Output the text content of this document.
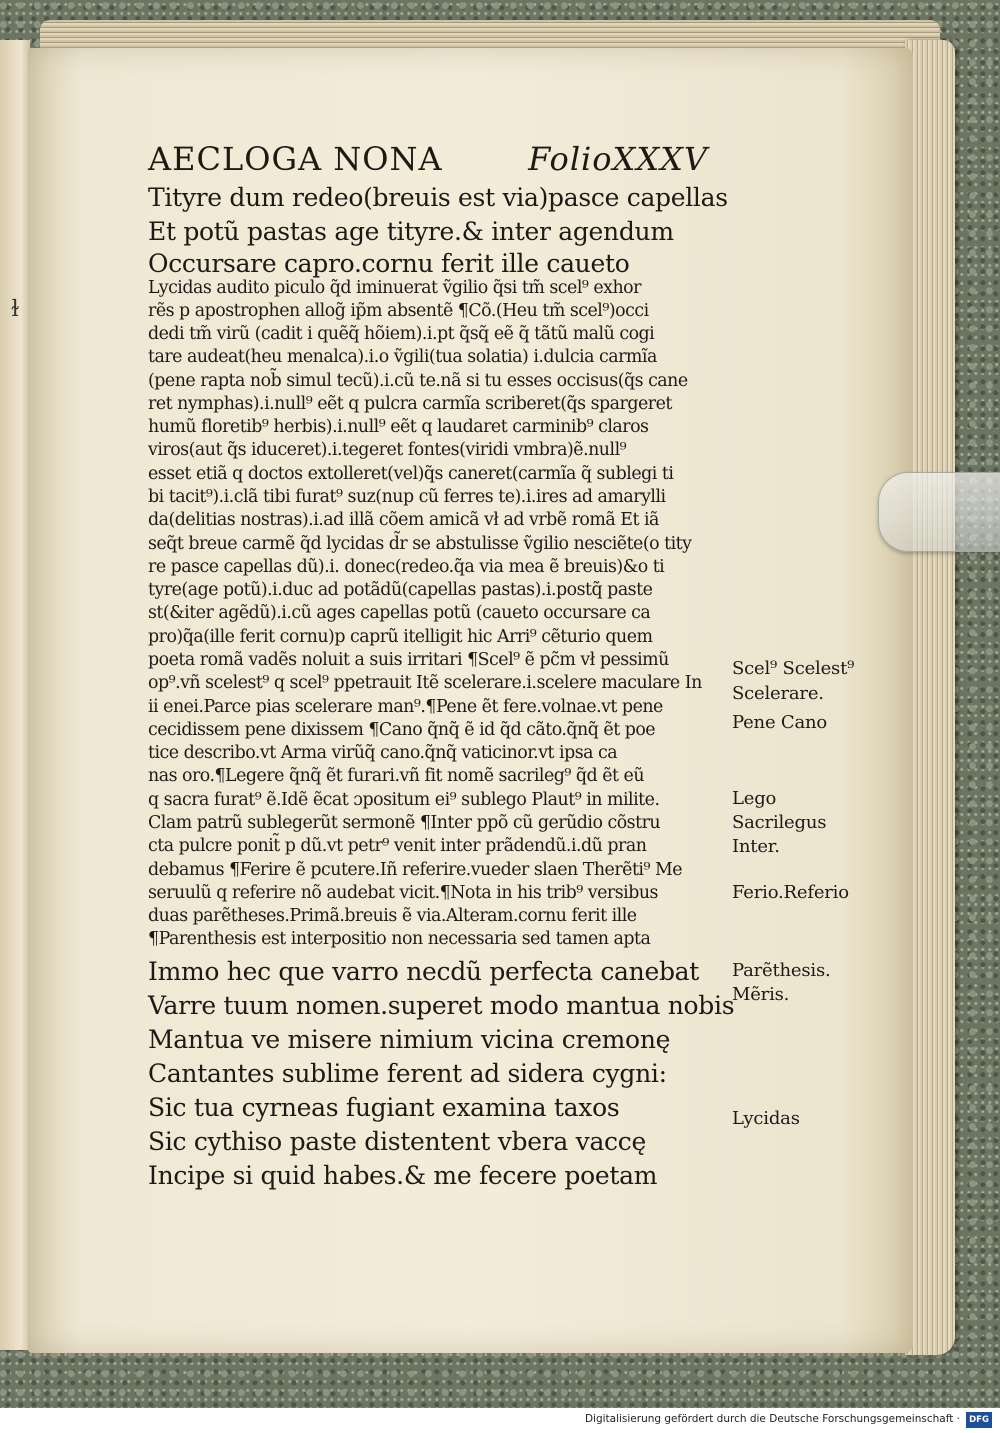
ɫ
AECLOGA NONA	FolioXXXV
Tityre dum redeo(breuis est via)pasce capellas
Et potũ pastas age tityre.& inter agendum
Occursare capro.cornu ferit ille caueto
Lycidas audito piculo q̃d iminuerat ṽgilio q̃si tm̃ scel⁹ exhor
rẽs p apostrophen allog̃ ip̃m absentẽ ¶Cõ.(Heu tm̃ scel⁹)occi
dedi tm̃ virũ (cadit i quẽq̃ hõiem).i.pt q̃sq̃ eẽ q̃ tãtũ malũ cogi
tare audeat(heu menalca).i.o ṽgili(tua solatia) i.dulcia carmĩa
(pene rapta nob̃ simul tecũ).i.cũ te.nã si tu esses occisus(q̃s cane
ret nymphas).i.null⁹ eẽt q pulcra carmĩa scriberet(q̃s spargeret
humũ floretib⁹ herbis).i.null⁹ eẽt q laudaret carminib⁹ claros
viros(aut q̃s iduceret).i.tegeret fontes(viridi vmbra)ẽ.null⁹
esset etiã q doctos extolleret(vel)q̃s caneret(carmĩa q̃ sublegi ti
bi tacit⁹).i.clã tibi furat⁹ suz(nup cũ ferres te).i.ires ad amarylli
da(delitias nostras).i.ad illã cõem amicã vł ad vrbẽ romã Et iã
seq̃t breue carmẽ q̃d lycidas d̃r se abstulisse ṽgilio nesciẽte(o tity
re pasce capellas dũ).i. donec(redeo.q̃a via mea ẽ breuis)&o ti
tyre(age potũ).i.duc ad potãdũ(capellas pastas).i.postq̃ paste
st(&iter agẽdũ).i.cũ ages capellas potũ (caueto occursare ca
pro)q̃a(ille ferit cornu)p caprũ itelligit hic Arri⁹ cẽturio quem
poeta romã vadẽs noluit a suis irritari ¶Scel⁹ ẽ pc̃m vł pessimũ
op⁹.vñ scelest⁹ q scel⁹ ppetrauit Itẽ scelerare.i.scelere maculare In
ii̇ enei.Parce pias scelerare man⁹.¶Pene ẽt fere.volnae.vt pene
cecidissem pene dixissem ¶Cano q̃nq̃ ẽ id q̃d cãto.q̃nq̃ ẽt poe
tice describo.vt Arma virũq̃ cano.q̃nq̃ vaticinor.vt ipsa ca
nas oro.¶Legere q̃nq̃ ẽt furari.vñ fit nomẽ sacrileg⁹ q̃d ẽt eũ
q sacra furat⁹ ẽ.Idẽ ẽcat ɔpositum ei⁹ sublego Plaut⁹ in milite.
Clam patrũ sublegerũt sermonẽ ¶Inter ppõ cũ gerũdio cõstru
cta pulcre ponit̃ p dũ.vt petr⁹ venit inter prãdendũ.i.dũ pran
debamus ¶Ferire ẽ pcutere.Iñ referire.vueder slaen Therẽti⁹ Me
seruulũ q referire nõ audebat vicit.¶Nota in his trib⁹ versibus
duas parẽtheses.Primã.breuis ẽ via.Alteram.cornu ferit ille
¶Parenthesis est interpositio non necessaria sed tamen apta
Immo hec que varro necdũ perfecta canebat
Varre tuum nomen.superet modo mantua nobis
Mantua ve misere nimium vicina cremonę
Cantantes sublime ferent ad sidera cygni:
Sic tua cyrneas fugiant examina taxos
Sic cythiso paste distentent vbera vaccę
Incipe si quid habes.& me fecere poetam
Scel⁹ Scelest⁹
Scelerare.
Pene Cano
Lego
Sacrilegus
Inter.
Ferio.Referio
Parẽthesis.
Mẽris.
Lycidas
Digitalisierung gefördert durch die Deutsche Forschungsgemeinschaft ·	DFG
